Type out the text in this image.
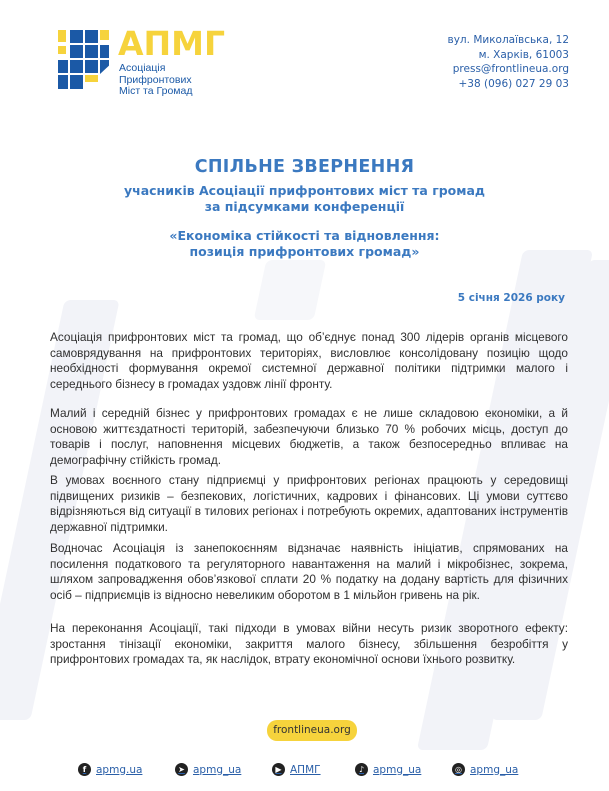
АПМГ
Асоціація
Прифронтових
Міст та Громад
вул. Миколаївська, 12
м. Харків, 61003
press@frontlineua.org
+38 (096) 027 29 03
СПІЛЬНЕ ЗВЕРНЕННЯ
учасників Асоціації прифронтових міст та громад
за підсумками конференції
«Економіка стійкості та відновлення:
позиція прифронтових громад»
5 січня 2026 року

Асоціація прифронтових міст та громад, що об’єднує понад 300 лідерів органів місцевого самоврядування на прифронтових територіях, висловлює консолідовану позицію щодо необхідності формування окремої системної державної політики підтримки малого і середнього бізнесу в громадах уздовж лінії фронту.

Малий і середній бізнес у прифронтових громадах є не лише складовою економіки, а й основою життєздатності територій, забезпечуючи близько 70 % робочих місць, доступ до товарів і послуг, наповнення місцевих бюджетів, а також безпосередньо впливає на демографічну стійкість громад.

В умовах воєнного стану підприємці у прифронтових регіонах працюють у середовищі підвищених ризиків – безпекових, логістичних, кадрових і фінансових. Ці умови суттєво відрізняються від ситуації в тилових регіонах і потребують окремих, адаптованих інструментів державної підтримки.

Водночас Асоціація із занепокоєнням відзначає наявність ініціатив, спрямованих на посилення податкового та регуляторного навантаження на малий і мікробізнес, зокрема, шляхом запровадження обов’язкової сплати 20 % податку на додану вартість для фізичних осіб – підприємців із відносно невеликим оборотом в 1 мільйон гривень на рік.

На переконання Асоціації, такі підходи в умовах війни несуть ризик зворотного ефекту: зростання тінізації економіки, закриття малого бізнесу, збільшення безробіття у прифронтових громадах та, як наслідок, втрату економічної основи їхнього розвитку.

frontlineua.org
f apmg.ua	➤ apmg_ua	▶ АПМГ	♪ apmg_ua	◎ apmg_ua
